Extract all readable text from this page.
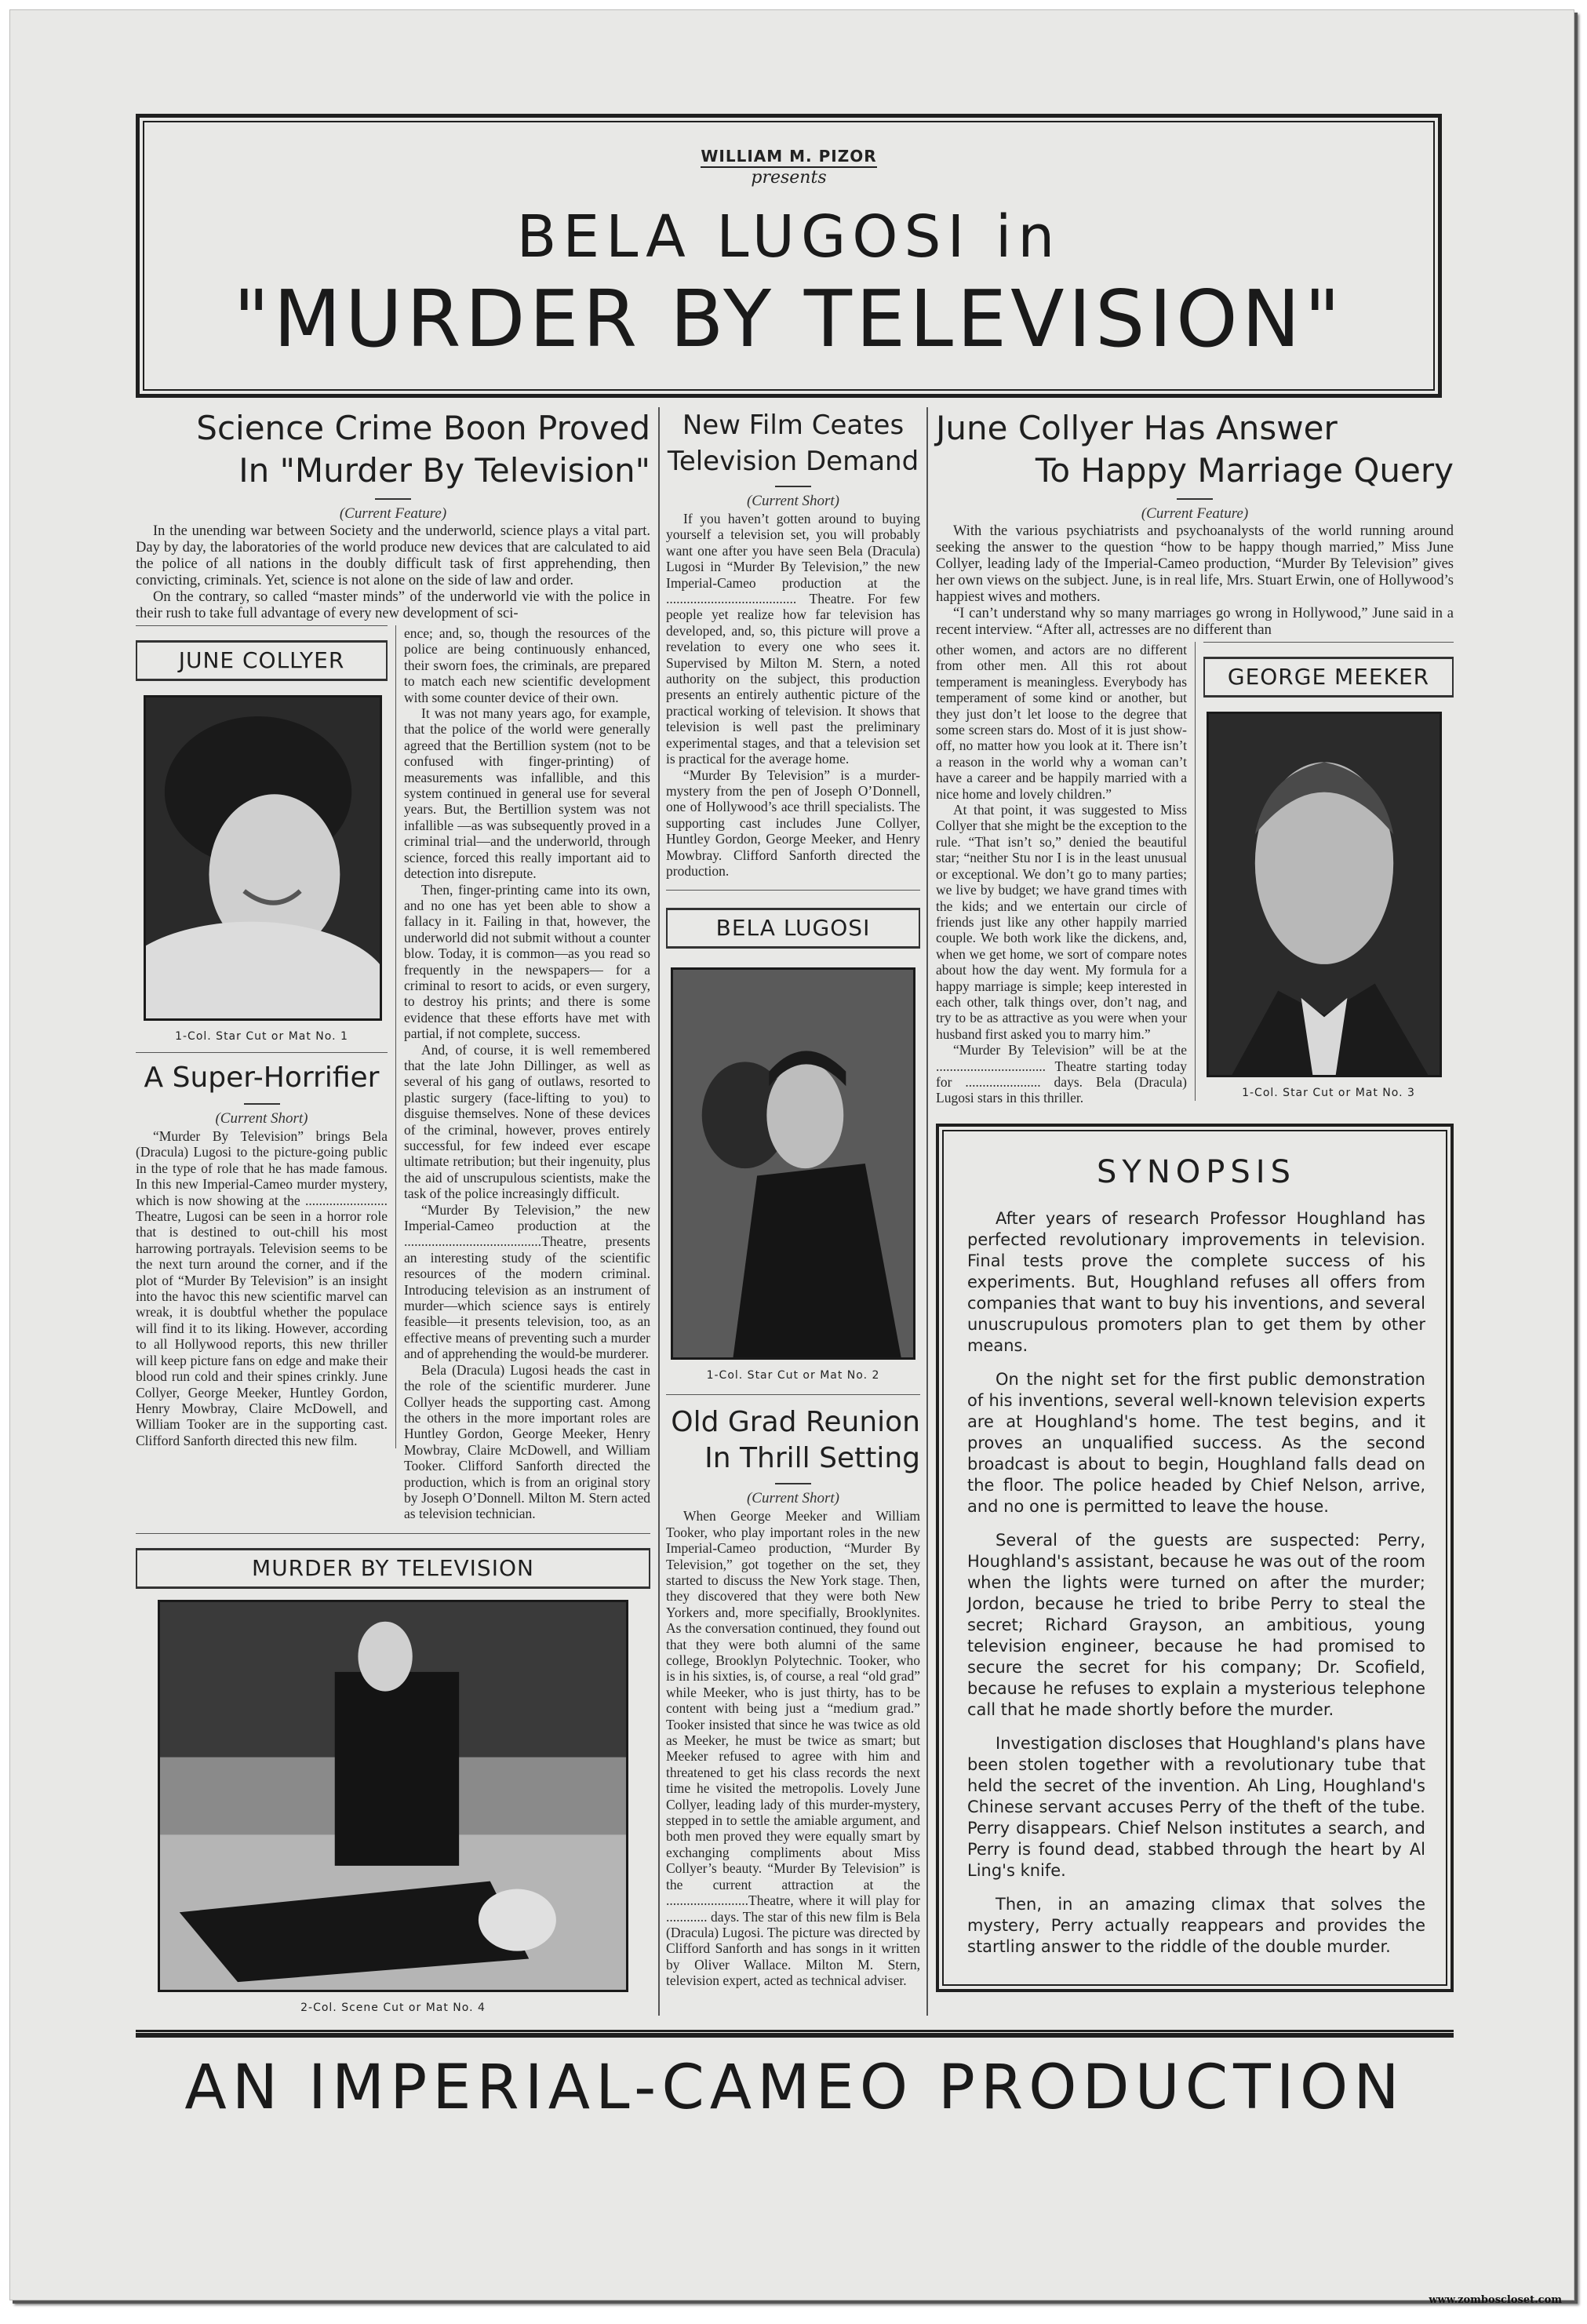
WILLIAM M. PIZOR
presents
BELA LUGOSI in
"MURDER BY TELEVISION"
Science Crime Boon Proved
In "Murder By Television"
(Current Feature)

In the unending war between Society and the underworld, science plays a vital part. Day by day, the laboratories of the world produce new devices that are calculated to aid the police of all nations in the doubly difficult task of first apprehending, then convicting, criminals. Yet, science is not alone on the side of law and order.

On the contrary, so called “master minds” of the underworld vie with the police in their rush to take full advantage of every new development of sci-

JUNE COLLYER
1-Col. Star Cut or Mat No. 1
A Super-Horrifier
(Current Short)

“Murder By Television” brings Bela (Dracula) Lugosi to the picture-going public in the type of role that he has made famous. In this new Imperial-Cameo murder mystery, which is now showing at the ........................ Theatre, Lugosi can be seen in a horror role that is destined to out-chill his most harrowing portrayals. Television seems to be the next turn around the corner, and if the plot of “Murder By Television” is an insight into the havoc this new scientific marvel can wreak, it is doubtful whether the populace will find it to its liking. However, according to all Hollywood reports, this new thriller will keep picture fans on edge and make their blood run cold and their spines crinkly. June Collyer, George Meeker, Huntley Gordon, Henry Mowbray, Claire McDowell, and William Tooker are in the supporting cast. Clifford Sanforth directed this new film.

ence; and, so, though the resources of the police are being continuously enhanced, their sworn foes, the criminals, are prepared to match each new scientific development with some counter device of their own.

It was not many years ago, for example, that the police of the world were generally agreed that the Bertillion system (not to be confused with finger-printing) of measurements was infallible, and this system continued in general use for several years. But, the Bertillion system was not infallible —as was subsequently proved in a criminal trial—and the underworld, through science, forced this really important aid to detection into disrepute.

Then, finger-printing came into its own, and no one has yet been able to show a fallacy in it. Failing in that, however, the underworld did not submit without a counter blow. Today, it is common—as you read so frequently in the newspapers— for a criminal to resort to acids, or even surgery, to destroy his prints; and there is some evidence that these efforts have met with partial, if not complete, success.

And, of course, it is well remembered that the late John Dillinger, as well as several of his gang of outlaws, resorted to plastic surgery (face-lifting to you) to disguise themselves. None of these devices of the criminal, however, proves entirely successful, for few indeed ever escape ultimate retribution; but their ingenuity, plus the aid of unscrupulous scientists, make the task of the police increasingly difficult.

“Murder By Television,” the new Imperial-Cameo production at the ........................................Theatre, presents an interesting study of the scientific resources of the modern criminal. Introducing television as an instrument of murder—which science says is entirely feasible—it presents television, too, as an effective means of preventing such a murder and of apprehending the would-be murderer.

Bela (Dracula) Lugosi heads the cast in the role of the scientific murderer. June Collyer heads the supporting cast. Among the others in the more important roles are Huntley Gordon, George Meeker, Henry Mowbray, Claire McDowell, and William Tooker. Clifford Sanforth directed the production, which is from an original story by Joseph O’Donnell. Milton M. Stern acted as television technician.

MURDER BY TELEVISION
2-Col. Scene Cut or Mat No. 4
New Film Ceates
Television Demand
(Current Short)

If you haven’t gotten around to buying yourself a television set, you will probably want one after you have seen Bela (Dracula) Lugosi in “Murder By Television,” the new Imperial-Cameo production at the ...................................... Theatre. For few people yet realize how far television has developed, and, so, this picture will prove a revelation to every one who sees it. Supervised by Milton M. Stern, a noted authority on the subject, this production presents an entirely authentic picture of the practical working of television. It shows that television is well past the preliminary experimental stages, and that a television set is practical for the average home.

“Murder By Television” is a murder-mystery from the pen of Joseph O’Donnell, one of Hollywood’s ace thrill specialists. The supporting cast includes June Collyer, Huntley Gordon, George Meeker, and Henry Mowbray. Clifford Sanforth directed the production.

BELA LUGOSI
1-Col. Star Cut or Mat No. 2
Old Grad Reunion
In Thrill Setting
(Current Short)

When George Meeker and William Tooker, who play important roles in the new Imperial-Cameo production, “Murder By Television,” got together on the set, they started to discuss the New York stage. Then, they discovered that they were both New Yorkers and, more specifially, Brooklynites. As the conversation continued, they found out that they were both alumni of the same college, Brooklyn Polytechnic. Tooker, who is in his sixties, is, of course, a real “old grad” while Meeker, who is just thirty, has to be content with being just a “medium grad.” Tooker insisted that since he was twice as old as Meeker, he must be twice as smart; but Meeker refused to agree with him and threatened to get his class records the next time he visited the metropolis. Lovely June Collyer, leading lady of this murder-mystery, stepped in to settle the amiable argument, and both men proved they were equally smart by exchanging compliments about Miss Collyer’s beauty. “Murder By Television” is the current attraction at the ........................Theatre, where it will play for ............ days. The star of this new film is Bela (Dracula) Lugosi. The picture was directed by Clifford Sanforth and has songs in it written by Oliver Wallace. Milton M. Stern, television expert, acted as technical adviser.

June Collyer Has Answer
To Happy Marriage Query
(Current Feature)

With the various psychiatrists and psychoanalysts of the world running around seeking the answer to the question “how to be happy though married,” Miss June Collyer, leading lady of the Imperial-Cameo production, “Murder By Television” gives her own views on the subject. June, is in real life, Mrs. Stuart Erwin, one of Hollywood’s happiest wives and mothers.

“I can’t understand why so many marriages go wrong in Hollywood,” June said in a recent interview. “After all, actresses are no different than

other women, and actors are no different from other men. All this rot about temperament is meaningless. Everybody has temperament of some kind or another, but they just don’t let loose to the degree that some screen stars do. Most of it is just show-off, no matter how you look at it. There isn’t a reason in the world why a woman can’t have a career and be happily married with a nice home and lovely children.”

At that point, it was suggested to Miss Collyer that she might be the exception to the rule. “That isn’t so,” denied the beautiful star; “neither Stu nor I is in the least unusual or exceptional. We don’t go to many parties; we live by budget; we have grand times with the kids; and we entertain our circle of friends just like any other happily married couple. We both work like the dickens, and, when we get home, we sort of compare notes about how the day went. My formula for a happy marriage is simple; keep interested in each other, talk things over, don’t nag, and try to be as attractive as you were when your husband first asked you to marry him.”

“Murder By Television” will be at the ................................ Theatre starting today for ...................... days. Bela (Dracula) Lugosi stars in this thriller.

GEORGE MEEKER
1-Col. Star Cut or Mat No. 3
SYNOPSIS

After years of research Professor Houghland has perfected revolutionary improvements in television. Final tests prove the complete success of his experiments. But, Houghland refuses all offers from companies that want to buy his inventions, and several unuscrupulous promoters plan to get them by other means.

On the night set for the first public demonstration of his inventions, several well-known television experts are at Houghland's home. The test begins, and it proves an unqualified success. As the second broadcast is about to begin, Houghland falls dead on the floor. The police headed by Chief Nelson, arrive, and no one is permitted to leave the house.

Several of the guests are suspected: Perry, Houghland's assistant, because he was out of the room when the lights were turned on after the murder; Jordon, because he tried to bribe Perry to steal the secret; Richard Grayson, an ambitious, young television engineer, because he had promised to secure the secret for his company; Dr. Scofield, because he refuses to explain a mysterious telephone call that he made shortly before the murder.

Investigation discloses that Houghland's plans have been stolen together with a revolutionary tube that held the secret of the invention. Ah Ling, Houghland's Chinese servant accuses Perry of the theft of the tube. Perry disappears. Chief Nelson institutes a search, and Perry is found dead, stabbed through the heart by Al Ling's knife.

Then, in an amazing climax that solves the mystery, Perry actually reappears and provides the startling answer to the riddle of the double murder.

AN IMPERIAL-CAMEO PRODUCTION
www.zomboscloset.com
